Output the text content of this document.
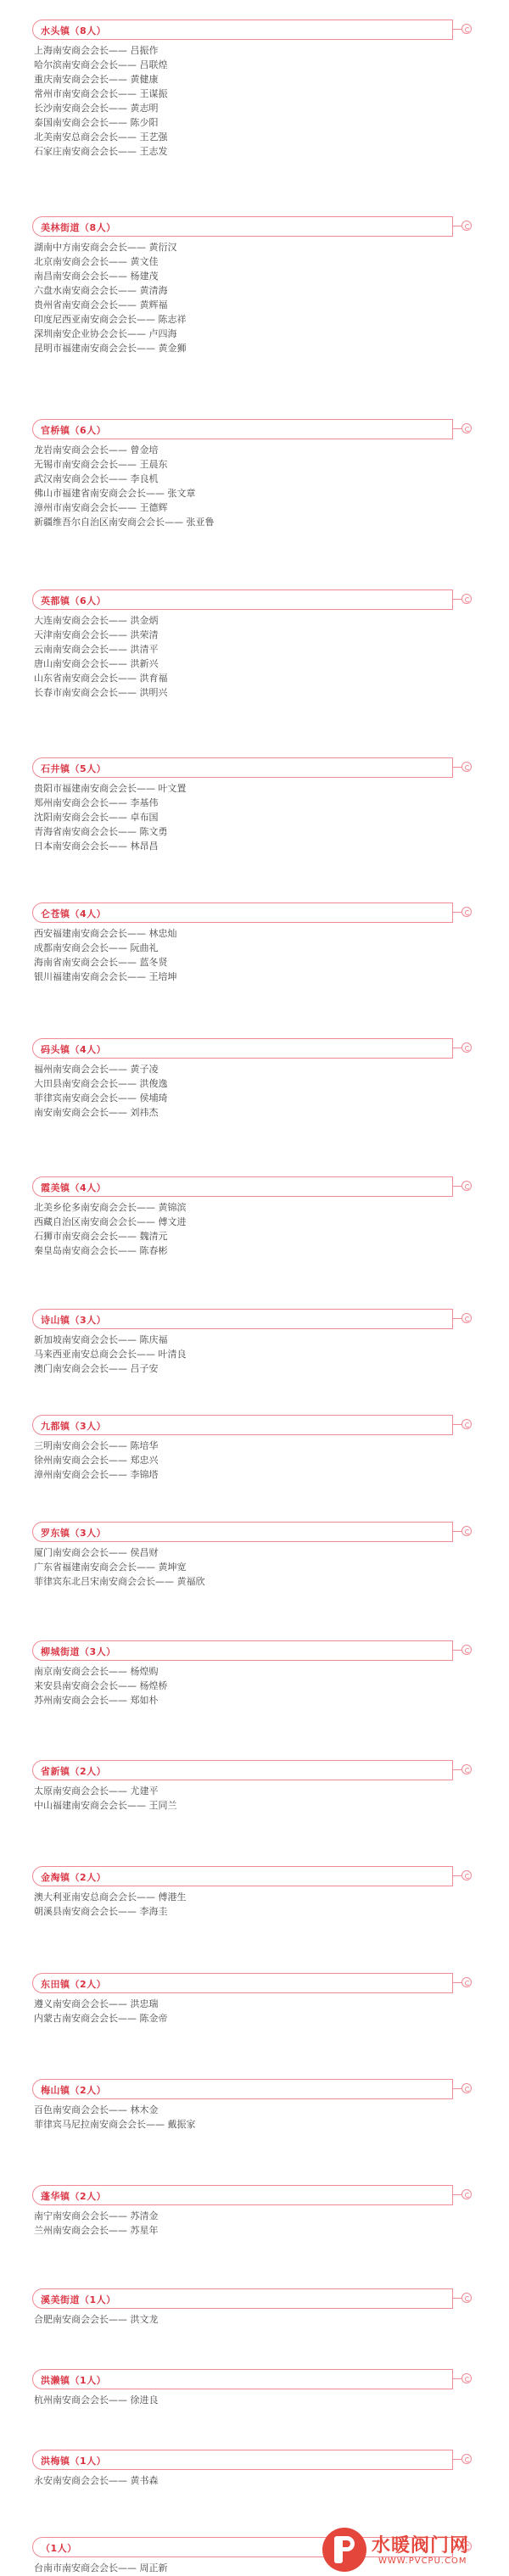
水头镇（8人）
上海南安商会会长—— 吕振作
哈尔滨南安商会会长—— 吕联煌
重庆南安商会会长—— 黄健康
常州市南安商会会长—— 王谋振
长沙南安商会会长—— 黄志明
泰国南安商会会长—— 陈少阳
北美南安总商会会长—— 王艺强
石家庄南安商会会长—— 王志发
美林街道（8人）
湖南中方南安商会会长—— 黄衍汉
北京南安商会会长—— 黄文佳
南昌南安商会会长—— 杨建茂
六盘水南安商会会长—— 黄清海
贵州省南安商会会长—— 黄辉福
印度尼西亚南安商会会长—— 陈志祥
深圳南安企业协会会长—— 卢四海
昆明市福建南安商会会长—— 黄金狮
官桥镇（6人）
龙岩南安商会会长—— 曾金培
无锡市南安商会会长—— 王晨东
武汉南安商会会长—— 李良机
佛山市福建省南安商会会长—— 张文章
漳州市南安商会会长—— 王德辉
新疆维吾尔自治区南安商会会长—— 张亚鲁
英都镇（6人）
大连南安商会会长—— 洪金炳
天津南安商会会长—— 洪荣清
云南南安商会会长—— 洪清平
唐山南安商会会长—— 洪新兴
山东省南安商会会长—— 洪育福
长春市南安商会会长—— 洪明兴
石井镇（5人）
贵阳市福建南安商会会长—— 叶文置
郑州南安商会会长—— 李基伟
沈阳南安商会会长—— 卓布国
青海省南安商会会长—— 陈文勇
日本南安商会会长—— 林昂昌
仑苍镇（4人）
西安福建南安商会会长—— 林忠灿
成都南安商会会长—— 阮曲礼
海南省南安商会会长—— 蓝冬贤
银川福建南安商会会长—— 王培坤
码头镇（4人）
福州南安商会会长—— 黄子凌
大田县南安商会会长—— 洪俊逸
菲律宾南安商会会长—— 侯埔琦
南安南安商会会长—— 刘祎杰
霞美镇（4人）
北美乡伦多南安商会会长—— 黄锦滨
西藏自治区南安商会会长—— 傅文进
石狮市南安商会会长—— 魏清元
秦皇岛南安商会会长—— 陈春彬
诗山镇（3人）
新加坡南安商会会长—— 陈庆福
马来西亚南安总商会会长—— 叶清良
澳门南安商会会长—— 吕子安
九都镇（3人）
三明南安商会会长—— 陈培华
徐州南安商会会长—— 郑忠兴
漳州南安商会会长—— 李锦塔
罗东镇（3人）
厦门南安商会会长—— 侯昌财
广东省福建南安商会会长—— 黄坤宽
菲律宾东北吕宋南安商会会长—— 黄福欣
柳城街道（3人）
南京南安商会会长—— 杨煌购
来安县南安商会会长—— 杨煌桥
苏州南安商会会长—— 郑如朴
省新镇（2人）
太原南安商会会长—— 尤建平
中山福建南安商会会长—— 王同兰
金淘镇（2人）
澳大利亚南安总商会会长—— 傅港生
朝溪县南安商会会长—— 李海圭
东田镇（2人）
遵义南安商会会长—— 洪忠瑞
内蒙古南安商会会长—— 陈金帝
梅山镇（2人）
百色南安商会会长—— 林木金
菲律宾马尼拉南安商会会长—— 戴振家
蓬华镇（2人）
南宁南安商会会长—— 苏清金
兰州南安商会会长—— 苏星年
溪美街道（1人）
合肥南安商会会长—— 洪文龙
洪濑镇（1人）
杭州南安商会会长—— 徐进良
洪梅镇（1人）
永安南安商会会长—— 黄书森
（1人）
台南市南安商会会长—— 周正新
水暖阀门网
WWW.PVCPU.COM
